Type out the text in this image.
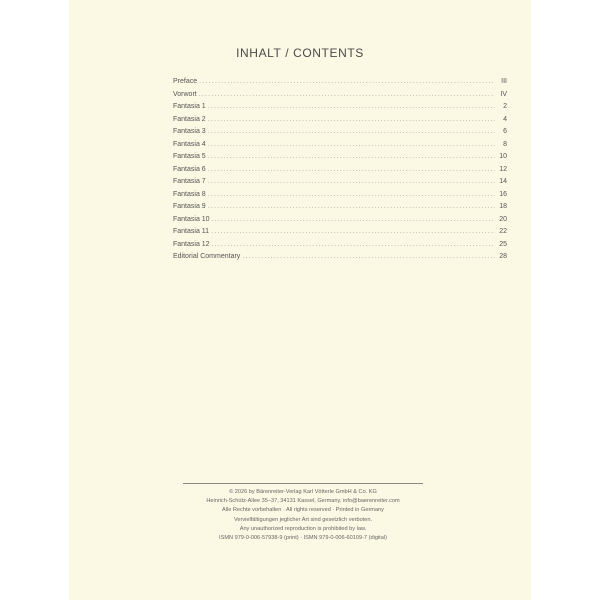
INHALT / CONTENTS
Preface .....	III
Vorwort .....	IV
Fantasia 1 .....	2
Fantasia 2 .....	4
Fantasia 3 .....	6
Fantasia 4 .....	8
Fantasia 5 .....	10
Fantasia 6 .....	12
Fantasia 7 .....	14
Fantasia 8 .....	16
Fantasia 9 .....	18
Fantasia 10 .....	20
Fantasia 11 .....	22
Fantasia 12 .....	25
Editorial Commentary .....	28
© 2026 by Bärenreiter-Verlag Karl Vötterle GmbH & Co. KG
Heinrich-Schütz-Allee 35–37, 34131 Kassel, Germany, info@baerenreiter.com
Alle Rechte vorbehalten · All rights reserved · Printed in Germany
Vervielfältigungen jeglicher Art sind gesetzlich verboten.
Any unauthorized reproduction is prohibited by law.
ISMN 979-0-006-57938-9 (print) · ISMN 979-0-006-60109-7 (digital)
